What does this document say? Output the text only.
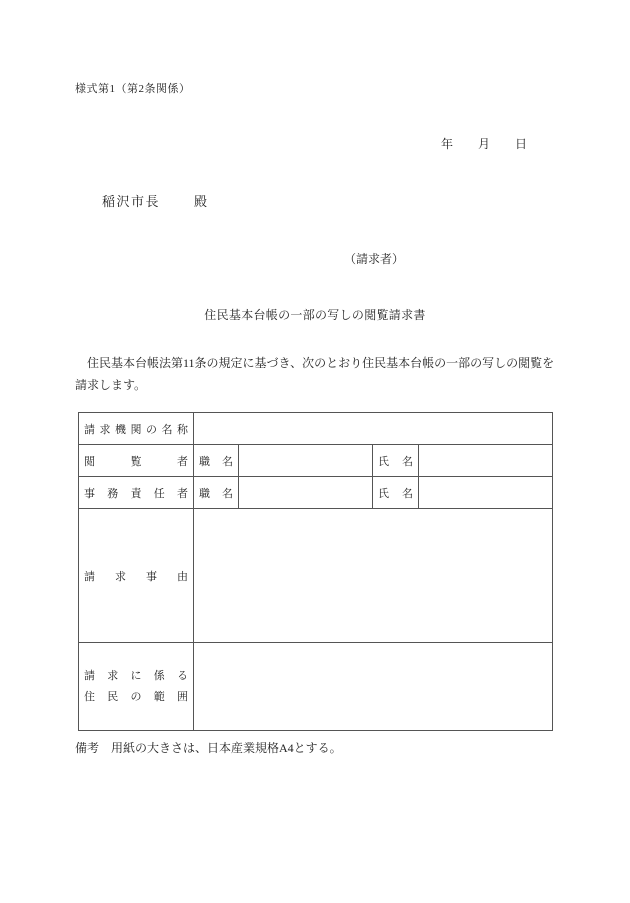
様式第1（第2条関係）
年 月 日
稲沢市長	殿
（請求者）
住民基本台帳の一部の写しの閲覧請求書
　住民基本台帳法第11条の規定に基づき、次のとおり住民基本台帳の一部の写しの閲覧を
請求します。
請求機関の名称				
閲覧者	職名		氏名	
事務責任者	職名		氏名	
請求事由				

請求に係る
住民の範囲				

備考　用紙の大きさは、日本産業規格A4とする。
